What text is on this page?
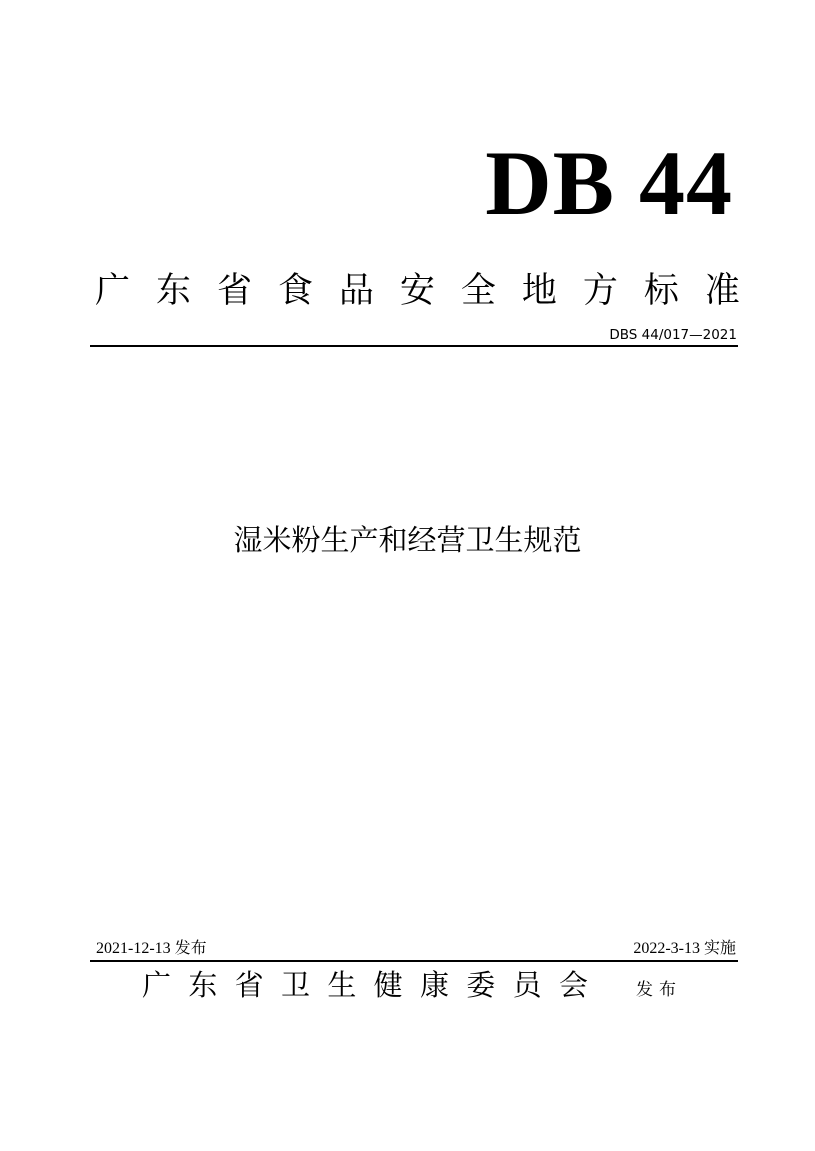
DB 44
广 东 省 食 品 安 全 地 方 标 准
DBS 44/017—2021
湿米粉生产和经营卫生规范
2021-12-13 发布	2022-3-13 实施
广 东 省 卫 生 健 康 委 员 会	发布
